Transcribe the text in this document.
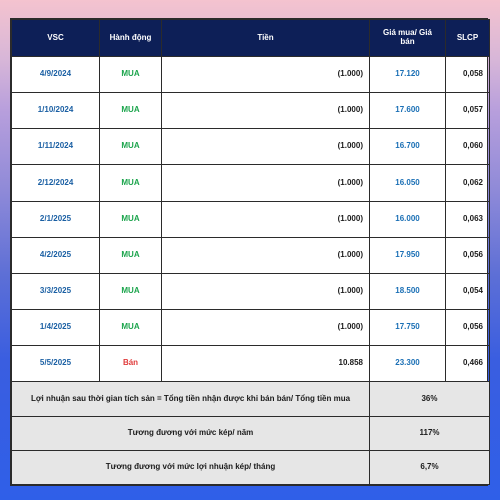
VSC	Hành động	Tiền	Giá mua/ Giá bán	SLCP
4/9/2024	MUA	(1.000)	17.120	0,058
1/10/2024	MUA	(1.000)	17.600	0,057
1/11/2024	MUA	(1.000)	16.700	0,060
2/12/2024	MUA	(1.000)	16.050	0,062
2/1/2025	MUA	(1.000)	16.000	0,063
4/2/2025	MUA	(1.000)	17.950	0,056
3/3/2025	MUA	(1.000)	18.500	0,054
1/4/2025	MUA	(1.000)	17.750	0,056
5/5/2025	Bán	10.858	23.300	0,466
Lợi nhuận sau thời gian tích sản = Tổng tiền nhận được khi bán bán/ Tổng tiền mua			36%	
Tương đương với mức kép/ năm			117%	
Tương đương với mức lợi nhuận kép/ tháng			6,7%	
